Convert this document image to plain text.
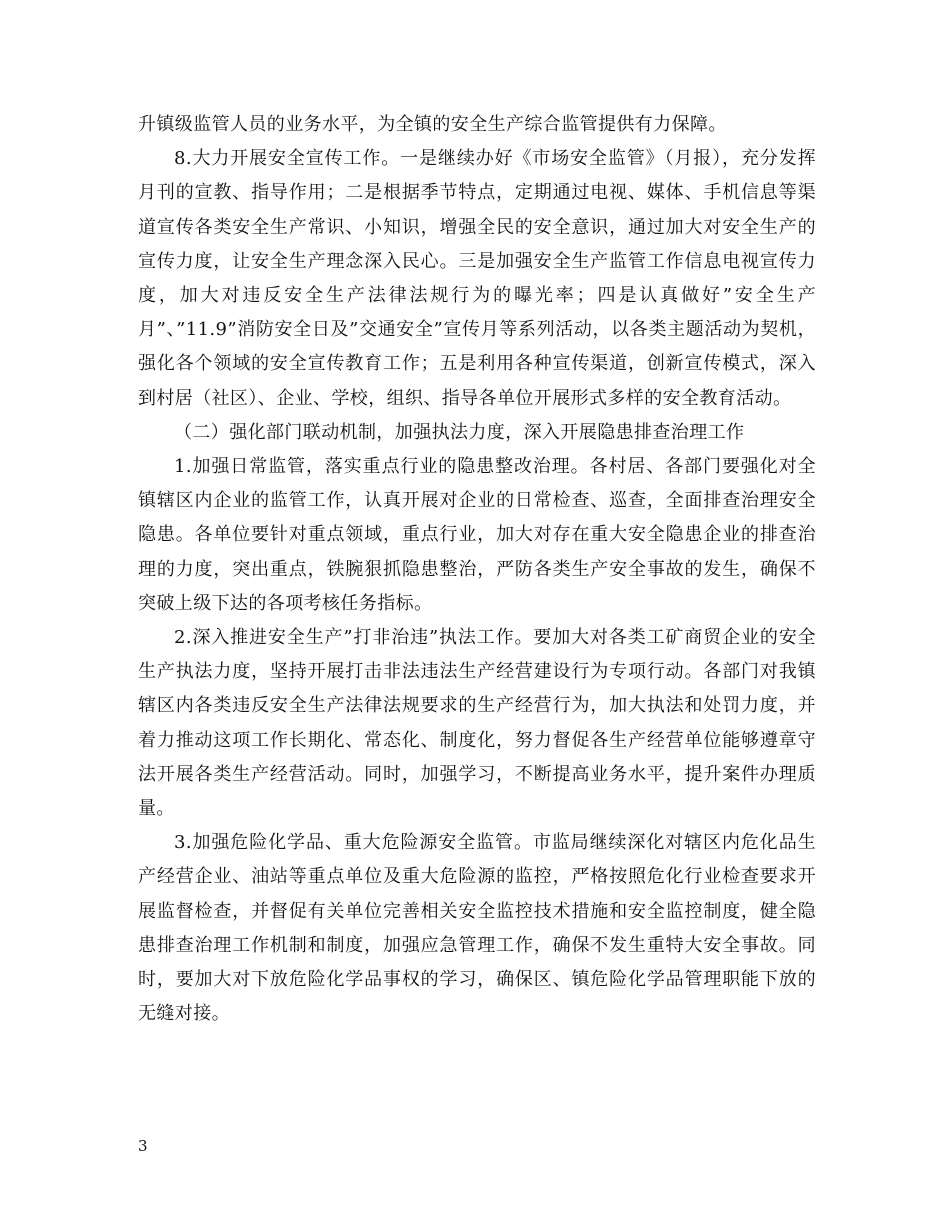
升镇级监管人员的业务水平，为全镇的安全生产综合监管提供有力保障。

8.大力开展安全宣传工作。一是继续办好《市场安全监管》（月报），充分发挥月刊的宣教、指导作用；二是根据季节特点，定期通过电视、媒体、手机信息等渠道宣传各类安全生产常识、小知识，增强全民的安全意识，通过加大对安全生产的宣传力度，让安全生产理念深入民心。三是加强安全生产监管工作信息电视宣传力度，加大对违反安全生产法律法规行为的曝光率；四是认真做好”安全生产月”、”11.9”消防安全日及”交通安全”宣传月等系列活动，以各类主题活动为契机，强化各个领域的安全宣传教育工作；五是利用各种宣传渠道，创新宣传模式，深入到村居（社区）、企业、学校，组织、指导各单位开展形式多样的安全教育活动。

（二）强化部门联动机制，加强执法力度，深入开展隐患排查治理工作

1.加强日常监管，落实重点行业的隐患整改治理。各村居、各部门要强化对全镇辖区内企业的监管工作，认真开展对企业的日常检查、巡查，全面排查治理安全隐患。各单位要针对重点领域，重点行业，加大对存在重大安全隐患企业的排查治理的力度，突出重点，铁腕狠抓隐患整治，严防各类生产安全事故的发生，确保不突破上级下达的各项考核任务指标。

2.深入推进安全生产”打非治违”执法工作。要加大对各类工矿商贸企业的安全生产执法力度，坚持开展打击非法违法生产经营建设行为专项行动。各部门对我镇辖区内各类违反安全生产法律法规要求的生产经营行为，加大执法和处罚力度，并着力推动这项工作长期化、常态化、制度化，努力督促各生产经营单位能够遵章守法开展各类生产经营活动。同时，加强学习，不断提高业务水平，提升案件办理质量。

3.加强危险化学品、重大危险源安全监管。市监局继续深化对辖区内危化品生产经营企业、油站等重点单位及重大危险源的监控，严格按照危化行业检查要求开展监督检查，并督促有关单位完善相关安全监控技术措施和安全监控制度，健全隐患排查治理工作机制和制度，加强应急管理工作，确保不发生重特大安全事故。同时，要加大对下放危险化学品事权的学习，确保区、镇危险化学品管理职能下放的无缝对接。

3
